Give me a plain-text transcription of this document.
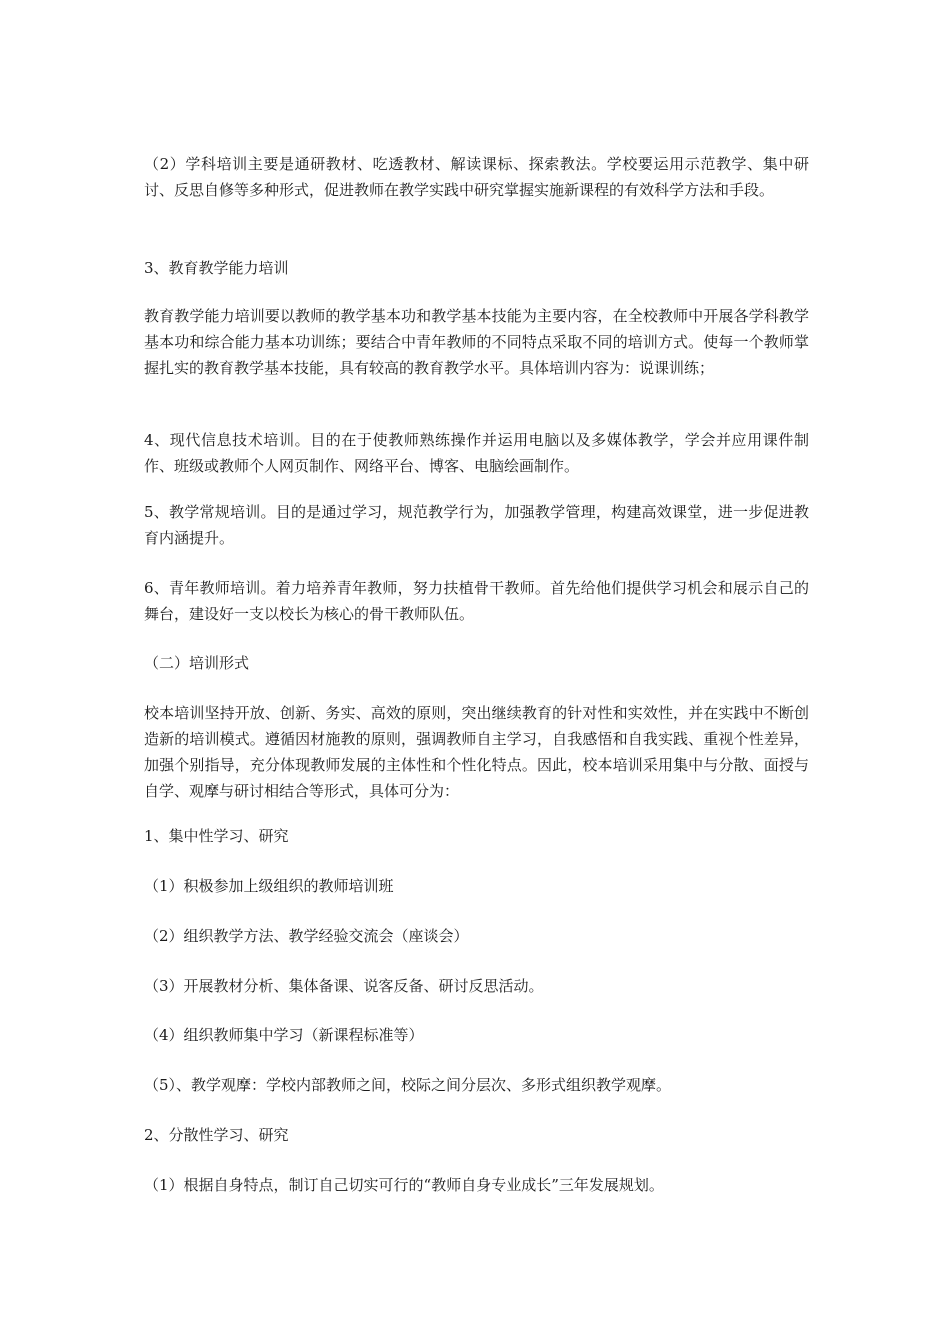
（2）学科培训主要是通研教材、吃透教材、解读课标、探索教法。学校要运用示范教学、集中研讨、反思自修等多种形式，促进教师在教学实践中研究掌握实施新课程的有效科学方法和手段。

3、教育教学能力培训

教育教学能力培训要以教师的教学基本功和教学基本技能为主要内容，在全校教师中开展各学科教学基本功和综合能力基本功训练；要结合中青年教师的不同特点采取不同的培训方式。使每一个教师掌握扎实的教育教学基本技能，具有较高的教育教学水平。具体培训内容为：说课训练；

4、现代信息技术培训。目的在于使教师熟练操作并运用电脑以及多媒体教学，学会并应用课件制作、班级或教师个人网页制作、网络平台、博客、电脑绘画制作。

5、教学常规培训。目的是通过学习，规范教学行为，加强教学管理，构建高效课堂，进一步促进教育内涵提升。

6、青年教师培训。着力培养青年教师，努力扶植骨干教师。首先给他们提供学习机会和展示自己的舞台，建设好一支以校长为核心的骨干教师队伍。

（二）培训形式

校本培训坚持开放、创新、务实、高效的原则，突出继续教育的针对性和实效性，并在实践中不断创造新的培训模式。遵循因材施教的原则，强调教师自主学习，自我感悟和自我实践、重视个性差异，加强个别指导，充分体现教师发展的主体性和个性化特点。因此，校本培训采用集中与分散、面授与自学、观摩与研讨相结合等形式，具体可分为：

1、集中性学习、研究

（1）积极参加上级组织的教师培训班

（2）组织教学方法、教学经验交流会（座谈会）

（3）开展教材分析、集体备课、说客反备、研讨反思活动。

（4）组织教师集中学习（新课程标准等）

（5）、教学观摩：学校内部教师之间，校际之间分层次、多形式组织教学观摩。

2、分散性学习、研究

（1）根据自身特点，制订自己切实可行的“教师自身专业成长”三年发展规划。
